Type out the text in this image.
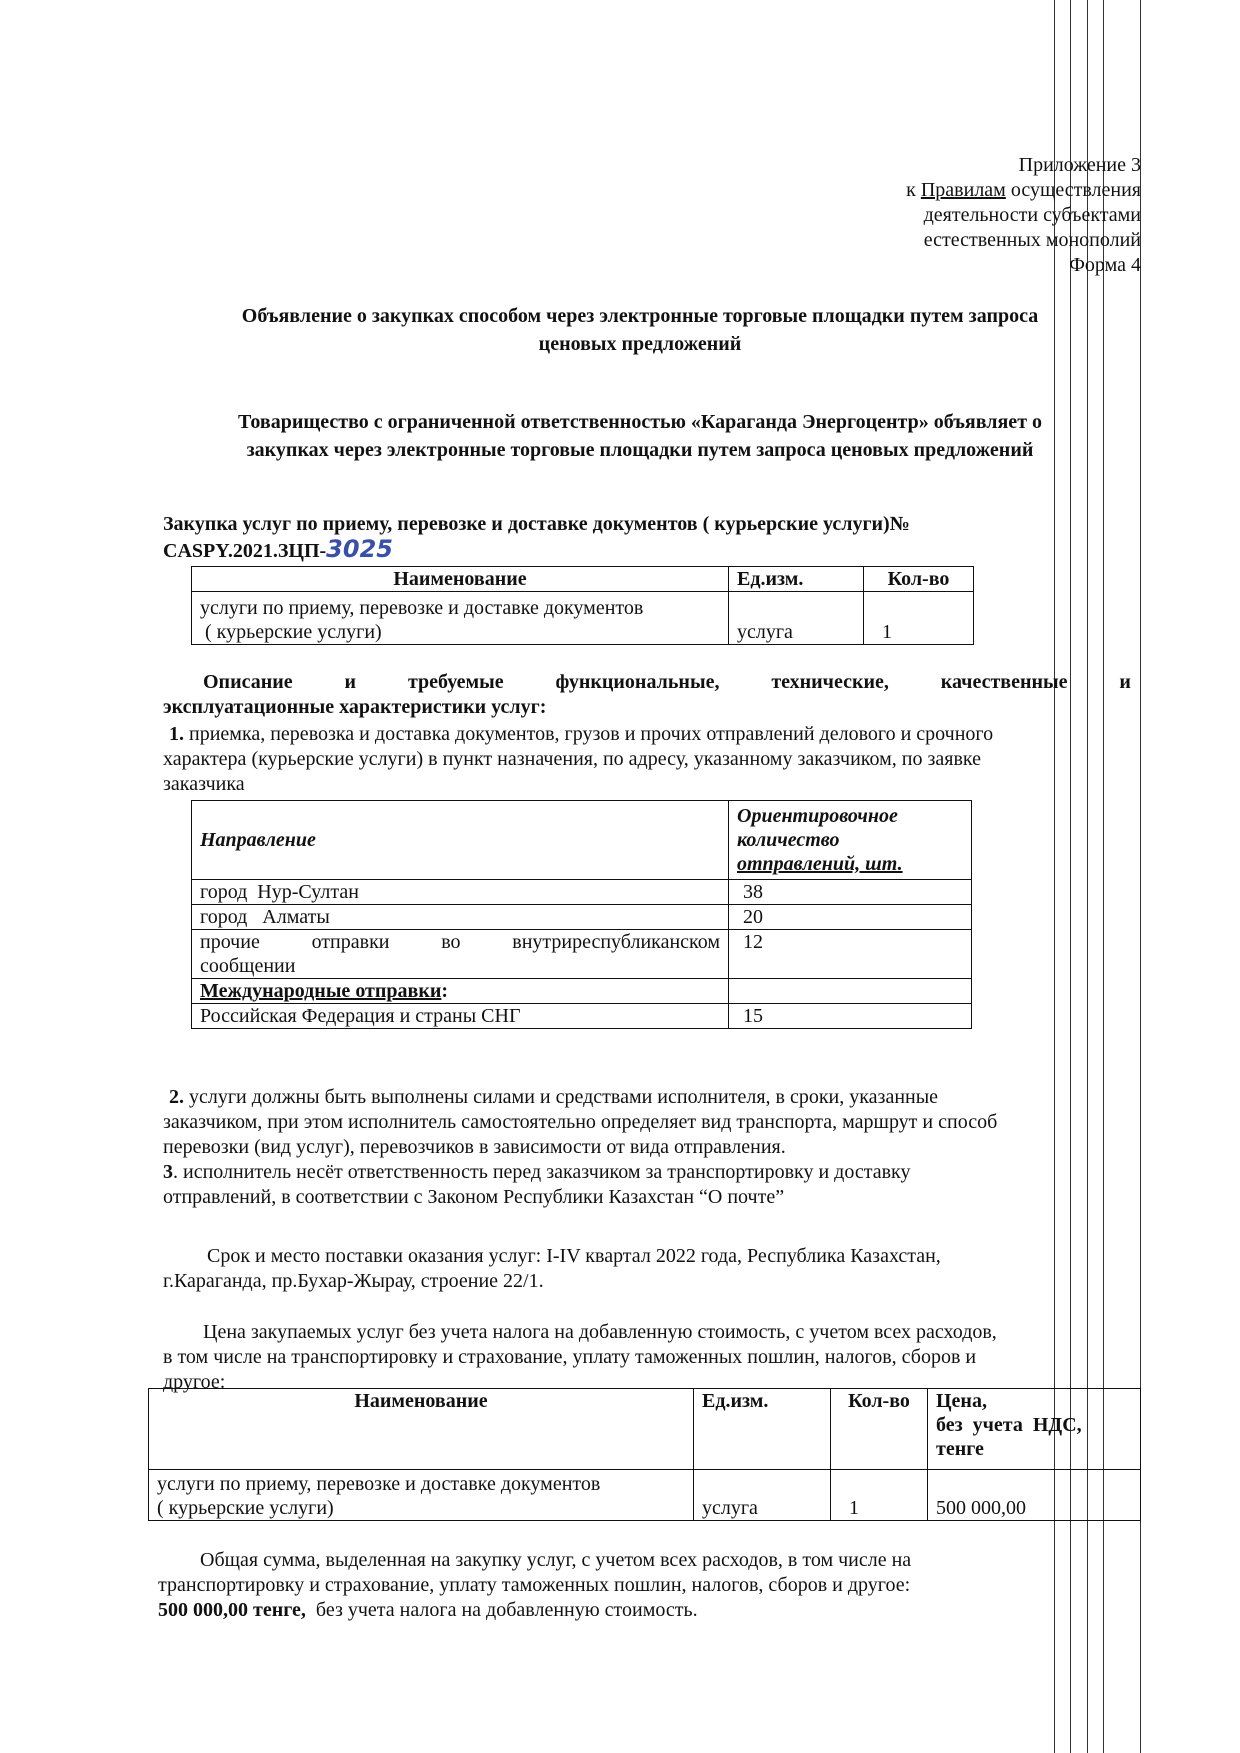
Приложение 3
к Правилам осуществления
деятельности субъектами
естественных монополий
Форма 4
Объявление о закупках способом через электронные торговые площадки путем запроса
ценовых предложений
Товарищество с ограниченной ответственностью «Караганда Энергоцентр» объявляет о
закупках через электронные торговые площадки путем запроса ценовых предложений
Закупка услуг по приему, перевозке и доставке документов ( курьерские услуги)№
CASPY.2021.ЗЦП-3025
Наименование	Ед.изм.	Кол-во

услуги по приему, перевозке и доставке документов
( курьерские услуги)	услуга	1
Описание	и	требуемые	функциональные,	технические,	качественные	и
эксплуатационные характеристики услуг:
1. приемка, перевозка и доставка документов, грузов и прочих отправлений делового и срочного
характера (курьерские услуги) в пункт назначения, по адресу, указанному заказчиком, по заявке
заказчика
Направление	Ориентировочное
количество
отправлений, шт.

город  Нур-Султан	38
город   Алматы	20

прочие отправки во внутриреспубликанском
сообщении	12
Международные отправки:	
Российская Федерация и страны СНГ	15
2. услуги должны быть выполнены силами и средствами исполнителя, в сроки, указанные
заказчиком, при этом исполнитель самостоятельно определяет вид транспорта, маршрут и способ
перевозки (вид услуг), перевозчиков в зависимости от вида отправления.
3. исполнитель несёт ответственность перед заказчиком за транспортировку и доставку
отправлений, в соответствии с Законом Республики Казахстан “О почте”
Срок и место поставки оказания услуг: I-IV квартал 2022 года, Республика Казахстан,
г.Караганда, пр.Бухар-Жырау, строение 22/1.
Цена закупаемых услуг без учета налога на добавленную стоимость, с учетом всех расходов,
в том числе на транспортировку и страхование, уплату таможенных пошлин, налогов, сборов и
другое:
Наименование	Ед.изм.	Кол-во	Цена,
без  учета  НДС,
тенге

услуги по приему, перевозке и доставке документов
( курьерские услуги)	услуга	1	500 000,00
Общая сумма, выделенная на закупку услуг, с учетом всех расходов, в том числе на
транспортировку и страхование, уплату таможенных пошлин, налогов, сборов и другое:
500 000,00 тенге,  без учета налога на добавленную стоимость.
